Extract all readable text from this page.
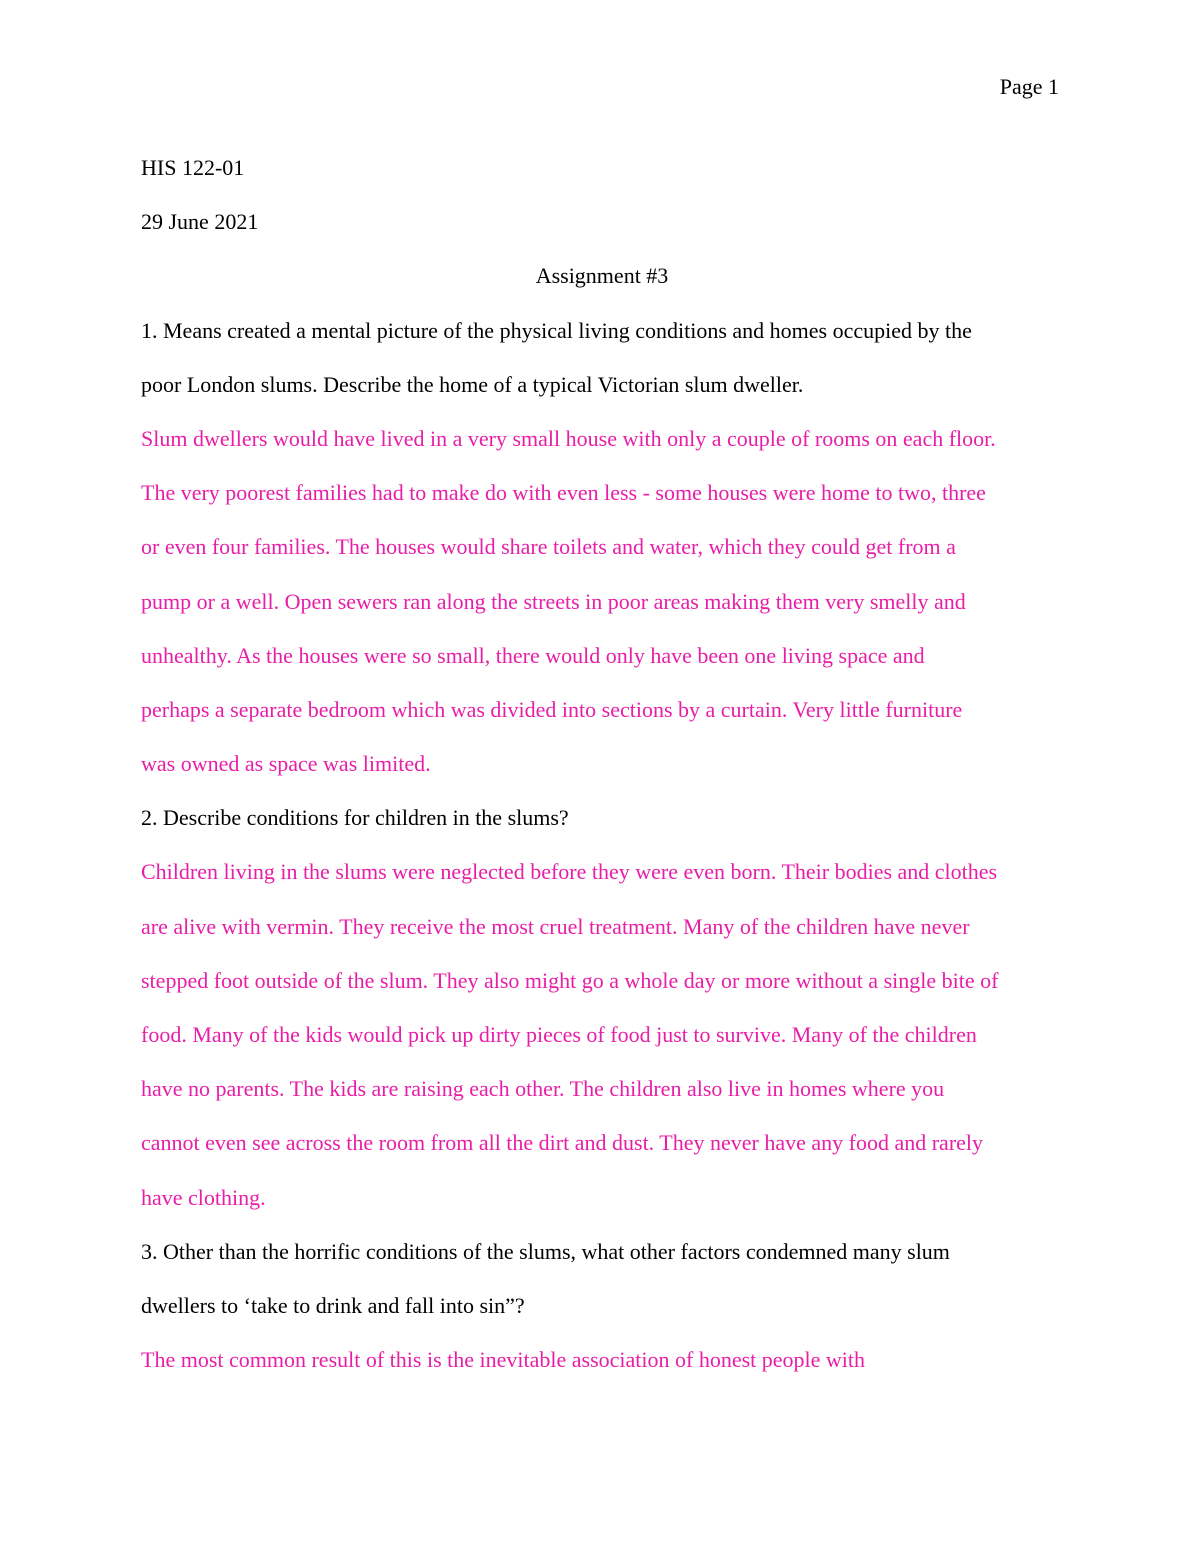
Page 1
HIS 122-01
29 June 2021
Assignment #3
1. Means created a mental picture of the physical living conditions and homes occupied by the
poor London slums. Describe the home of a typical Victorian slum dweller.
Slum dwellers would have lived in a very small house with only a couple of rooms on each floor.
The very poorest families had to make do with even less - some houses were home to two, three
or even four families. The houses would share toilets and water, which they could get from a
pump or a well. Open sewers ran along the streets in poor areas making them very smelly and
unhealthy. As the houses were so small, there would only have been one living space and
perhaps a separate bedroom which was divided into sections by a curtain. Very little furniture
was owned as space was limited.
2. Describe conditions for children in the slums?
Children living in the slums were neglected before they were even born. Their bodies and clothes
are alive with vermin. They receive the most cruel treatment. Many of the children have never
stepped foot outside of the slum. They also might go a whole day or more without a single bite of
food. Many of the kids would pick up dirty pieces of food just to survive. Many of the children
have no parents. The kids are raising each other. The children also live in homes where you
cannot even see across the room from all the dirt and dust. They never have any food and rarely
have clothing.
3. Other than the horrific conditions of the slums, what other factors condemned many slum
dwellers to ‘take to drink and fall into sin”?
The most common result of this is the inevitable association of honest people with
